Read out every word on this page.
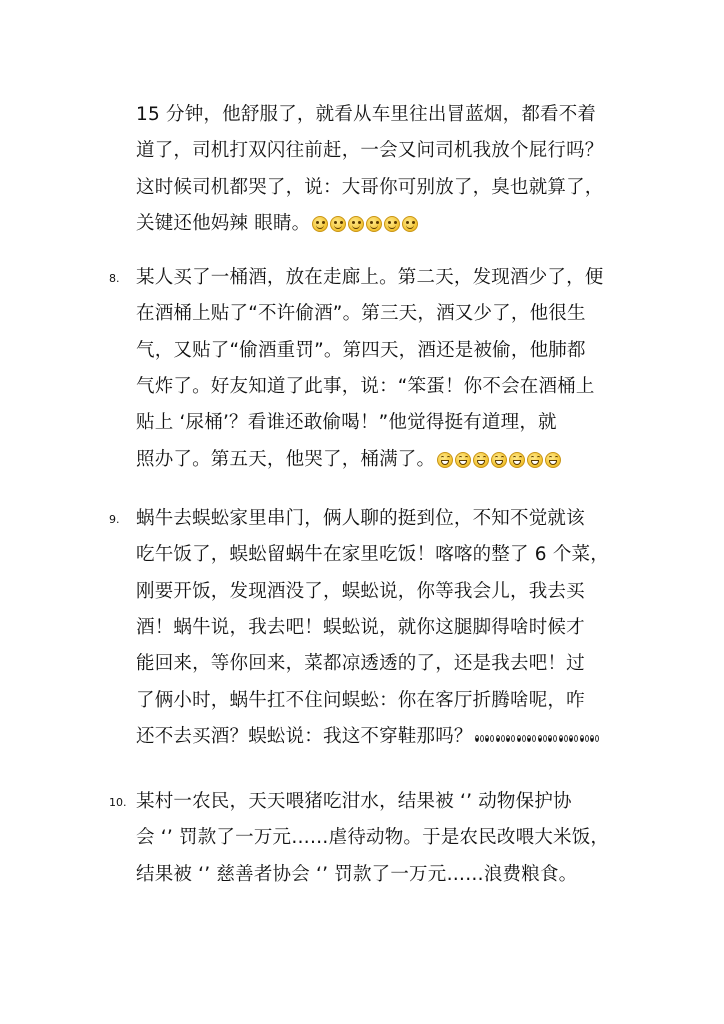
15 分钟，他舒服了，就看从车里往出冒蓝烟，都看不着
道了，司机打双闪往前赶，一会又问司机我放个屁行吗？
这时候司机都哭了，说：大哥你可别放了，臭也就算了，
关键还他妈辣 眼睛。
8. 某人买了一桶酒，放在走廊上。第二天，发现酒少了，便
在酒桶上贴了“不许偷酒”。第三天，酒又少了，他很生
气，又贴了“偷酒重罚”。第四天，酒还是被偷，他肺都
气炸了。好友知道了此事，说：“笨蛋！你不会在酒桶上
贴上 ‘尿桶’？看谁还敢偷喝！”他觉得挺有道理，就
照办了。第五天，他哭了，桶满了。
9. 蜗牛去蜈蚣家里串门，俩人聊的挺到位，不知不觉就该
吃午饭了，蜈蚣留蜗牛在家里吃饭！喀喀的整了 6 个菜，
刚要开饭，发现酒没了，蜈蚣说，你等我会儿，我去买
酒！蜗牛说，我去吧！蜈蚣说，就你这腿脚得啥时候才
能回来，等你回来，菜都凉透透的了，还是我去吧！过
了俩小时，蜗牛扛不住问蜈蚣：你在客厅折腾啥呢，咋
还不去买酒？蜈蚣说：我这不穿鞋那吗？
10. 某村一农民，天天喂猪吃泔水，结果被 ‘’ 动物保护协
会 ‘’ 罚款了一万元……虐待动物。于是农民改喂大米饭，
结果被 ‘’ 慈善者协会 ‘’ 罚款了一万元……浪费粮食。
